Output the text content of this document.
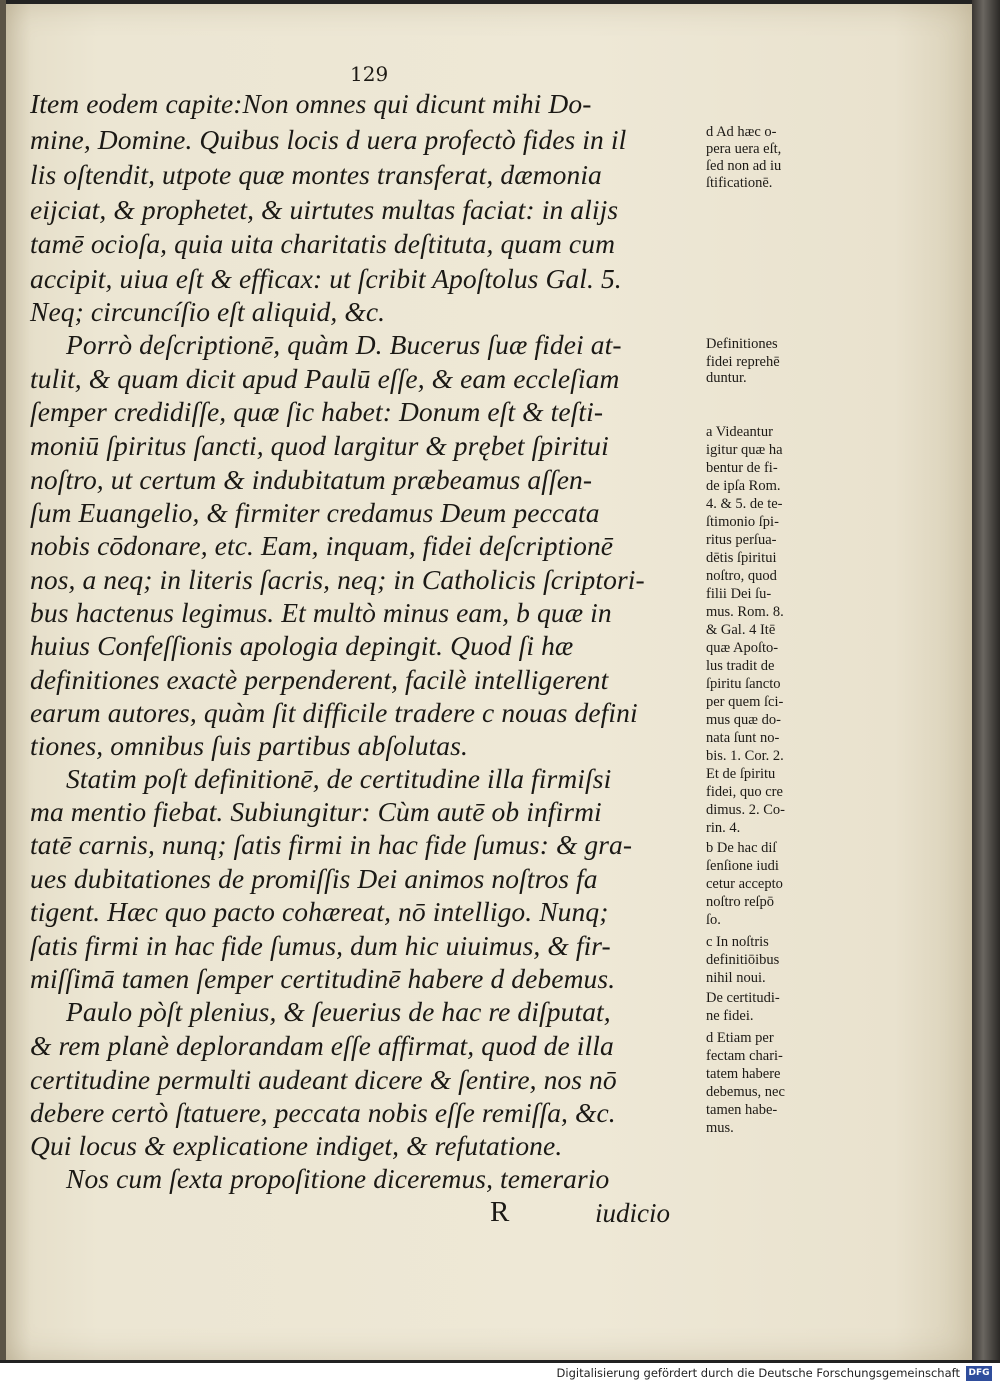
129
Item eodem capite:Non omnes qui dicunt mihi Do-
mine, Domine. Quibus locis d uera profectò fides in il
lis oſtendit, utpote quæ montes transferat, dæmonia
eijciat, & prophetet, & uirtutes multas faciat: in alijs
tamē ocioſa, quia uita charitatis deſtituta, quam cum
accipit, uiua eſt & efficax: ut ſcribit Apoſtolus Gal. 5.
Neq; circuncíſio eſt aliquid, &c.
Porrò deſcriptionē, quàm D. Bucerus ſuæ fidei at-
tulit, & quam dicit apud Paulū eſſe, & eam eccleſiam
ſemper credidiſſe, quæ ſic habet: Donum eſt & teſti-
moniū ſpiritus ſancti, quod largitur & prębet ſpiritui
noſtro, ut certum & indubitatum præbeamus aſſen-
ſum Euangelio, & firmiter credamus Deum peccata
nobis cōdonare, etc. Eam, inquam, fidei deſcriptionē
nos, a neq; in literis ſacris, neq; in Catholicis ſcriptori-
bus hactenus legimus. Et multò minus eam, b quæ in
huius Confeſſionis apologia depingit. Quod ſi hæ
definitiones exactè perpenderent, facilè intelligerent
earum autores, quàm ſit difficile tradere c nouas defini
tiones, omnibus ſuis partibus abſolutas.
Statim poſt definitionē, de certitudine illa firmiſsi
ma mentio fiebat. Subiungitur: Cùm autē ob infirmi
tatē carnis, nunq; ſatis firmi in hac fide ſumus: & gra-
ues dubitationes de promiſſis Dei animos noſtros fa
tigent. Hæc quo pacto cohæreat, nō intelligo. Nunq;
ſatis firmi in hac fide ſumus, dum hic uiuimus, & fir-
miſſimā tamen ſemper certitudinē habere d debemus.
Paulo pòſt plenius, & ſeuerius de hac re diſputat,
& rem planè deplorandam eſſe affirmat, quod de illa
certitudine permulti audeant dicere & ſentire, nos nō
debere certò ſtatuere, peccata nobis eſſe remiſſa, &c.
Qui locus & explicatione indiget, & refutatione.
Nos cum ſexta propoſitione diceremus, temerario
R	iudicio
d Ad hæc o-
pera uera eſt,
ſed non ad iu
ſtificationē.
Definitiones
fidei reprehē
duntur.
a Videantur
igitur quæ ha
bentur de fi-
de ipſa Rom.
4. & 5. de te-
ſtimonio ſpi-
ritus perſua-
dētis ſpiritui
noſtro, quod
filii Dei ſu-
mus. Rom. 8.
& Gal. 4 Itē
quæ Apoſto-
lus tradit de
ſpiritu ſancto
per quem ſci-
mus quæ do-
nata ſunt no-
bis. 1. Cor. 2.
Et de ſpiritu
fidei, quo cre
dimus. 2. Co-
rin. 4.
b De hac diſ
ſenſione iudi
cetur accepto
noſtro reſpō
ſo.
c In noſtris
definitiōibus
nihil noui.
De certitudi-
ne fidei.
d Etiam per
fectam chari-
tatem habere
debemus, nec
tamen habe-
mus.
Digitalisierung gefördert durch die Deutsche Forschungsgemeinschaft DFG
